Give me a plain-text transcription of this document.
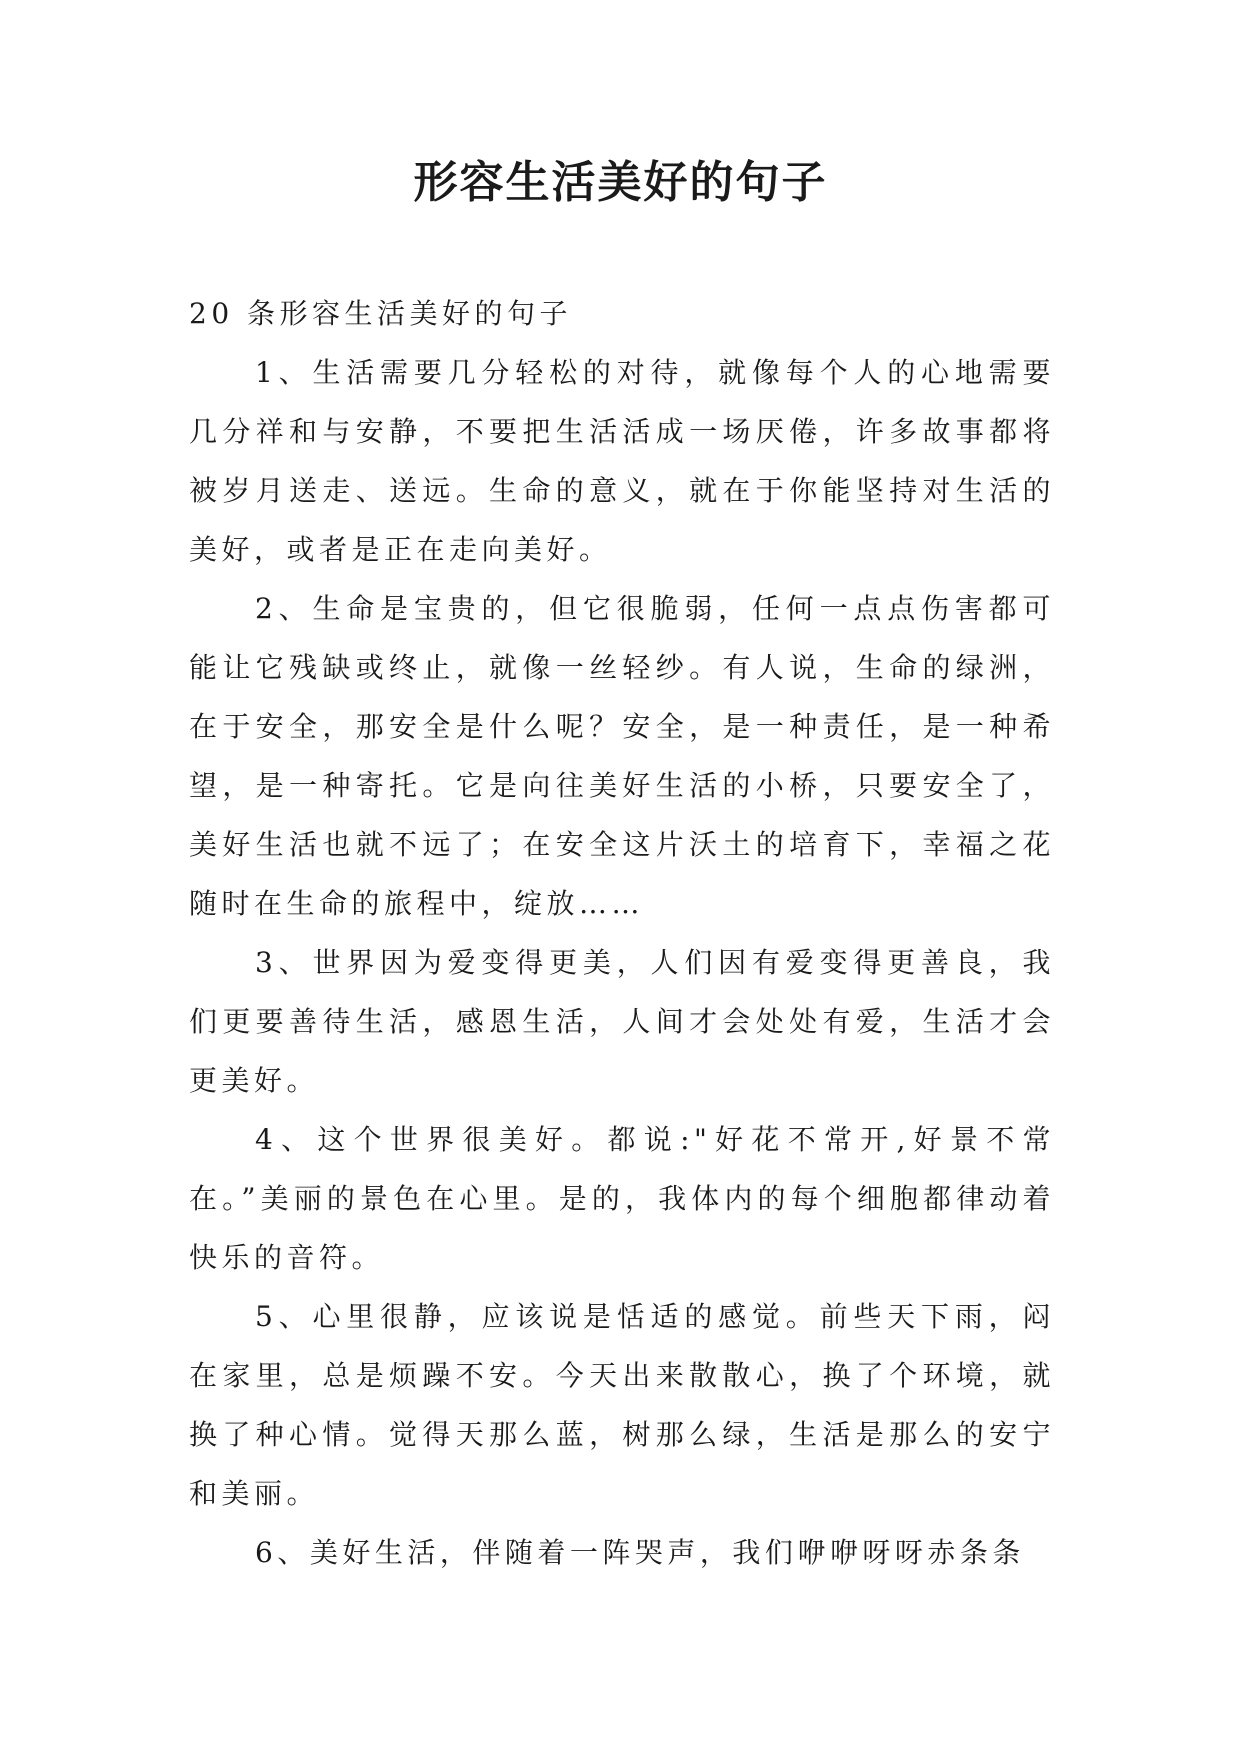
形容生活美好的句子

20 条形容生活美好的句子

1、生活需要几分轻松的对待，就像每个人的心地需要几分祥和与安静，不要把生活活成一场厌倦，许多故事都将被岁月送走、送远。生命的意义，就在于你能坚持对生活的美好，或者是正在走向美好。

2、生命是宝贵的，但它很脆弱，任何一点点伤害都可能让它残缺或终止，就像一丝轻纱。有人说，生命的绿洲，在于安全，那安全是什么呢？安全，是一种责任，是一种希望，是一种寄托。它是向往美好生活的小桥，只要安全了，美好生活也就不远了；在安全这片沃土的培育下，幸福之花随时在生命的旅程中，绽放……

3、世界因为爱变得更美，人们因有爱变得更善良，我们更要善待生活，感恩生活，人间才会处处有爱，生活才会更美好。

4、这个世界很美好。都说:"好花不常开,好景不常在。”美丽的景色在心里。是的，我体内的每个细胞都律动着快乐的音符。

5、心里很静，应该说是恬适的感觉。前些天下雨，闷在家里，总是烦躁不安。今天出来散散心，换了个环境，就换了种心情。觉得天那么蓝，树那么绿，生活是那么的安宁和美丽。

6、美好生活，伴随着一阵哭声，我们咿咿呀呀赤条条
